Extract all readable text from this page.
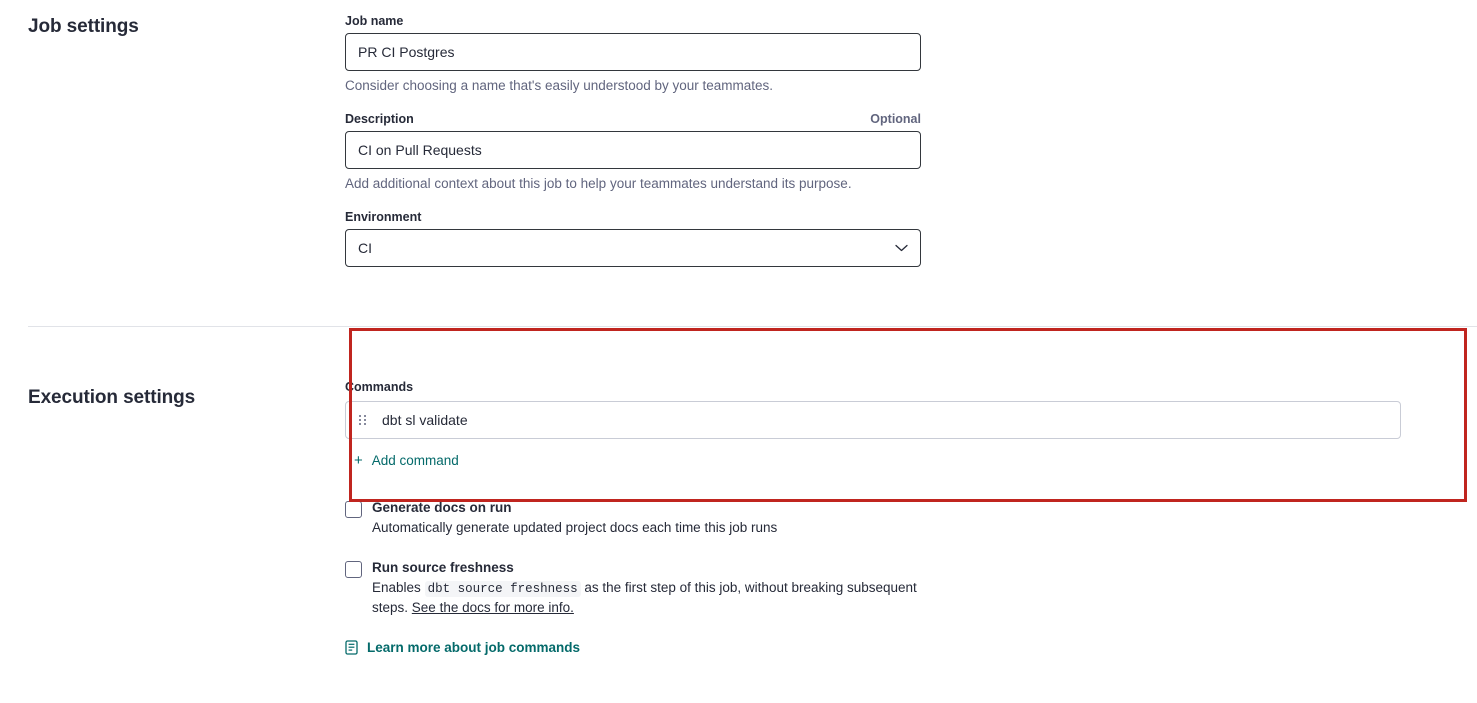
Job settings	Job name
PR CI Postgres
Consider choosing a name that's easily understood by your teammates.
Description	Optional
CI on Pull Requests
Add additional context about this job to help your teammates understand its purpose.
Environment
CI
Execution settings	Commands
dbt sl validate
+ Add command
Generate docs on run
Automatically generate updated project docs each time this job runs
Run source freshness
Enables dbt source freshness as the first step of this job, without breaking subsequent steps. See the docs for more info.
Learn more about job commands
